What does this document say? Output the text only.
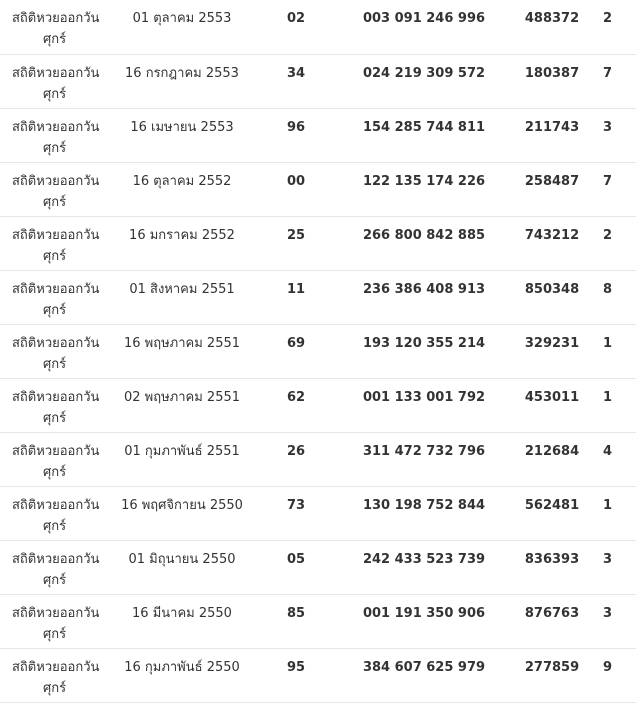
สถิติหวยออกวัน
ศุกร์	01 ตุลาคม 2553	02	003 091 246 996	488372	2

สถิติหวยออกวัน
ศุกร์	16 กรกฎาคม 2553	34	024 219 309 572	180387	7

สถิติหวยออกวัน
ศุกร์	16 เมษายน 2553	96	154 285 744 811	211743	3

สถิติหวยออกวัน
ศุกร์	16 ตุลาคม 2552	00	122 135 174 226	258487	7

สถิติหวยออกวัน
ศุกร์	16 มกราคม 2552	25	266 800 842 885	743212	2

สถิติหวยออกวัน
ศุกร์	01 สิงหาคม 2551	11	236 386 408 913	850348	8

สถิติหวยออกวัน
ศุกร์	16 พฤษภาคม 2551	69	193 120 355 214	329231	1

สถิติหวยออกวัน
ศุกร์	02 พฤษภาคม 2551	62	001 133 001 792	453011	1

สถิติหวยออกวัน
ศุกร์	01 กุมภาพันธ์ 2551	26	311 472 732 796	212684	4

สถิติหวยออกวัน
ศุกร์	16 พฤศจิกายน 2550	73	130 198 752 844	562481	1

สถิติหวยออกวัน
ศุกร์	01 มิถุนายน 2550	05	242 433 523 739	836393	3

สถิติหวยออกวัน
ศุกร์	16 มีนาคม 2550	85	001 191 350 906	876763	3

สถิติหวยออกวัน
ศุกร์	16 กุมภาพันธ์ 2550	95	384 607 625 979	277859	9
